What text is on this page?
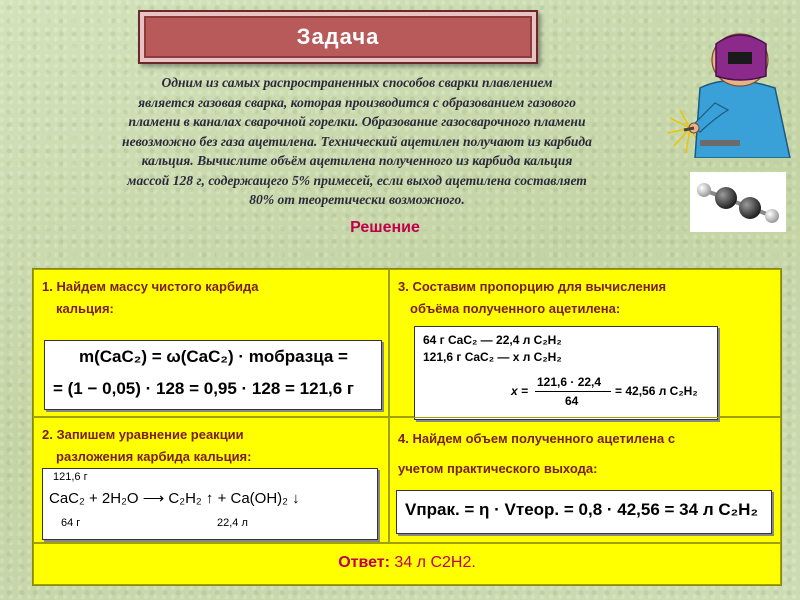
Задача
Одним из самых распространенных способов сварки плавлением
является газовая сварка, которая производится с образованием газового
пламени в каналах сварочной горелки. Образование газосварочного пламени
невозможно без газа ацетилена. Технический ацетилен получают из карбида
кальция. Вычислите объём ацетилена полученного из карбида кальция
массой 128 г, содержащего 5% примесей, если выход ацетилена составляет
80% от теоретически возможного.
Решение
1. Найдем массу чистого карбида
кальция:
m(CaC₂) = ω(CaC₂) · mобразца =
= (1 − 0,05) · 128 = 0,95 · 128 = 121,6 г
3. Составим пропорцию для вычисления
объёма полученного ацетилена:
64 г CaC₂ — 22,4 л C₂H₂
121,6 г CaC₂ — x л C₂H₂
x =
121,6 · 22,4
64
= 42,56 л C₂H₂
2. Запишем уравнение реакции
разложения карбида кальция:
121,6 г
CaC₂ + 2H₂O ⟶ C₂H₂ ↑ + Ca(OH)₂ ↓
64 г	22,4 л
4. Найдем объем полученного ацетилена с
учетом практического выхода:
Vпрак. = η · Vтеор. = 0,8 · 42,56 = 34 л C₂H₂
Ответ: 34 л С2Н2.
